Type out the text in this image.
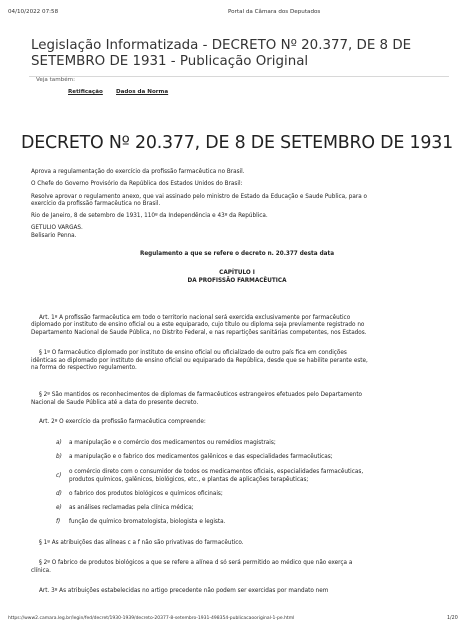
04/10/2022 07:58	Portal da Câmara dos Deputados
Legislação Informatizada - DECRETO Nº 20.377, DE 8 DE
SETEMBRO DE 1931 - Publicação Original
Veja também:
Retificação Dados da Norma
DECRETO Nº 20.377, DE 8 DE SETEMBRO DE 1931
Aprova a regulamentação do exercício da profissão farmacêutica no Brasil.
O Chefe do Governo Provisório da República dos Estados Unidos do Brasil:
Resolve aprovar o regulamento anexo, que vai assinado pelo ministro de Estado da Educação e Saude Publica, para o
exercício da profissão farmacêutica no Brasil.
Rio de Janeiro, 8 de setembro de 1931, 110º da Independência e 43º da República.
GETULIO VARGAS.
Belisario Penna.
Regulamento a que se refere o decreto n. 20.377 desta data
CAPÍTULO I
DA PROFISSÃO FARMACÊUTICA
Art. 1º A profissão farmacêutica em todo o territorio nacional será exercida exclusivamente por farmacêutico
diplomado por instituto de ensino oficial ou a este equiparado, cujo título ou diploma seja previamente registrado no
Departamento Nacional de Saude Pública, no Distrito Federal, e nas repartições sanitárias competentes, nos Estados.
§ 1º O farmacêutico diplomado por instituto de ensino oficial ou oficializado de outro país fica em condições
idênticas ao diplomado por instituto de ensino oficial ou equiparado da República, desde que se habilite perante este,
na forma do respectivo regulamento.
§ 2º São mantidos os reconhecimentos de diplomas de farmacêuticos estrangeiros efetuados pelo Departamento
Nacional de Saude Pública até a data do presente decreto.
Art. 2º O exercício da profissão farmacêutica compreende:
a) a manipulação e o comércio dos medicamentos ou remédios magistrais;
b) a manipulação e o fabrico dos medicamentos galênicos e das especialidades farmacêuticas;
c)
o comércio direto com o consumidor de todos os medicamentos oficiais, especialidades farmacêuticas,
produtos químicos, galênicos, biológicos, etc., e plantas de aplicações terapêuticas;
d) o fabrico dos produtos biológicos e químicos oficinais;
e) as análises reclamadas pela clínica médica;
f) função de químico bromatologista, biologista e legista.
§ 1º As atribuições das alíneas c a f não são privativas do farmacêutico.
§ 2º O fabrico de produtos biológicos a que se refere a alínea d só será permitido ao médico que não exerça a
clínica.
Art. 3º As atribuições estabelecidas no artigo precedente não podem ser exercidas por mandato nem
https://www2.camara.leg.br/legin/fed/decret/1930-1939/decreto-20377-8-setembro-1931-498354-publicacaooriginal-1-pe.html	1/20
